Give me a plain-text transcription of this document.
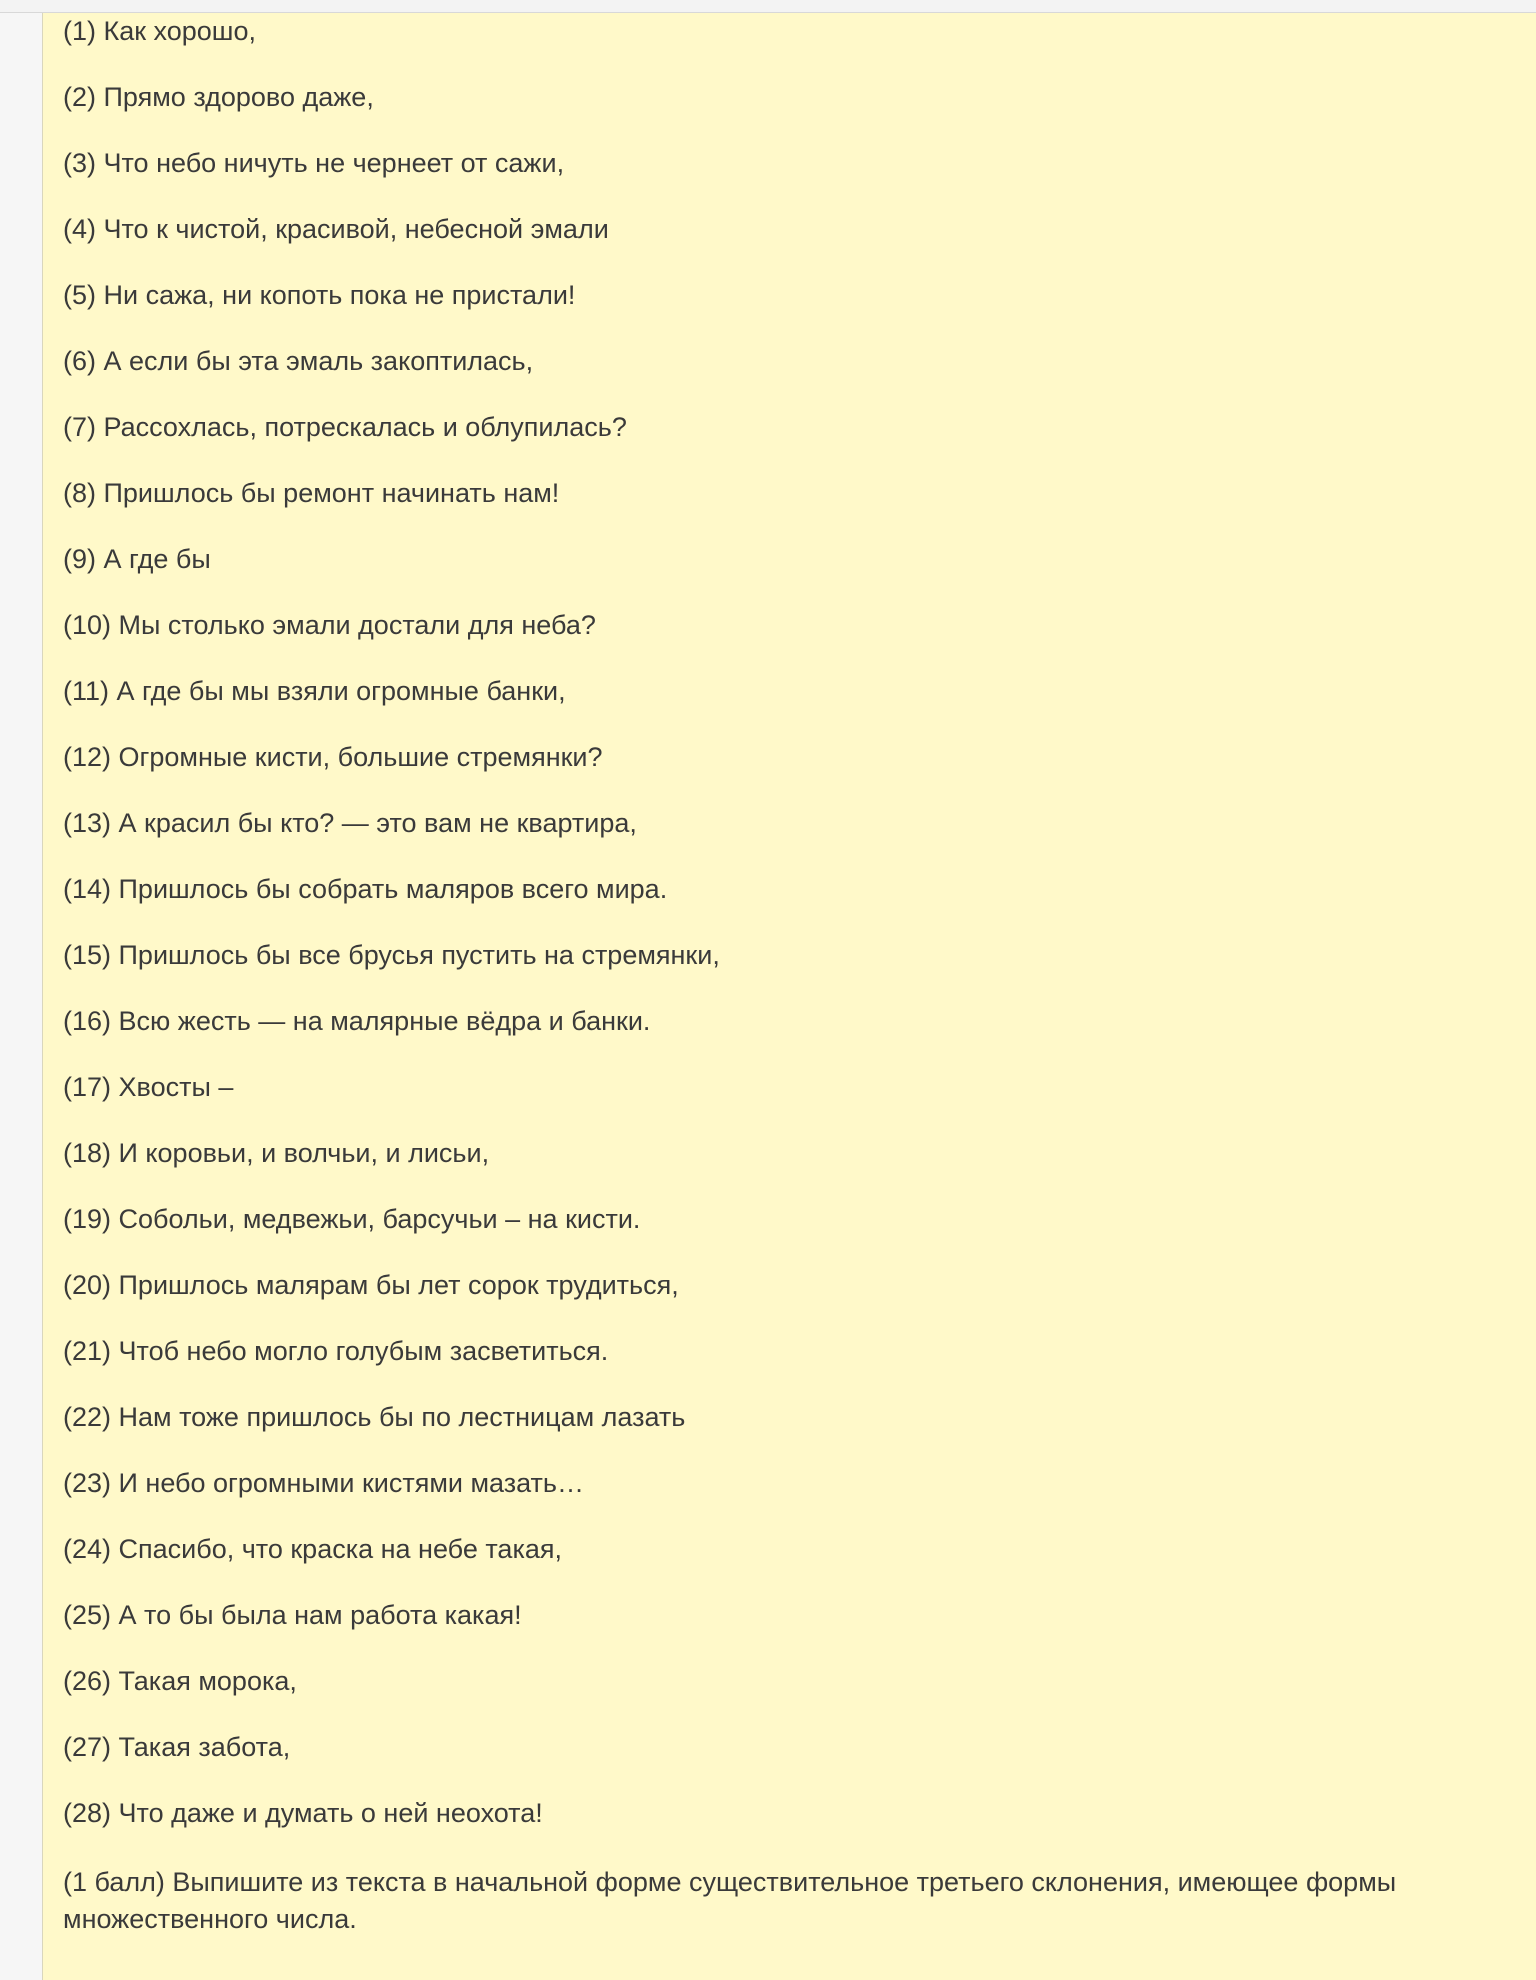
(1) Как хорошо,
(2) Прямо здорово даже,
(3) Что небо ничуть не чернеет от сажи,
(4) Что к чистой, красивой, небесной эмали
(5) Ни сажа, ни копоть пока не пристали!
(6) А если бы эта эмаль закоптилась,
(7) Рассохлась, потрескалась и облупилась?
(8) Пришлось бы ремонт начинать нам!
(9) А где бы
(10) Мы столько эмали достали для неба?
(11) А где бы мы взяли огромные банки,
(12) Огромные кисти, большие стремянки?
(13) А красил бы кто? — это вам не квартира,
(14) Пришлось бы собрать маляров всего мира.
(15) Пришлось бы все брусья пустить на стремянки,
(16) Всю жесть — на малярные вёдра и банки.
(17) Хвосты –
(18) И коровьи, и волчьи, и лисьи,
(19) Собольи, медвежьи, барсучьи – на кисти.
(20) Пришлось малярам бы лет сорок трудиться,
(21) Чтоб небо могло голубым засветиться.
(22) Нам тоже пришлось бы по лестницам лазать
(23) И небо огромными кистями мазать…
(24) Спасибо, что краска на небе такая,
(25) А то бы была нам работа какая!
(26) Такая морока,
(27) Такая забота,
(28) Что даже и думать о ней неохота!

(1 балл) Выпишите из текста в начальной форме существительное третьего склонения, имеющее формы множественного числа.
